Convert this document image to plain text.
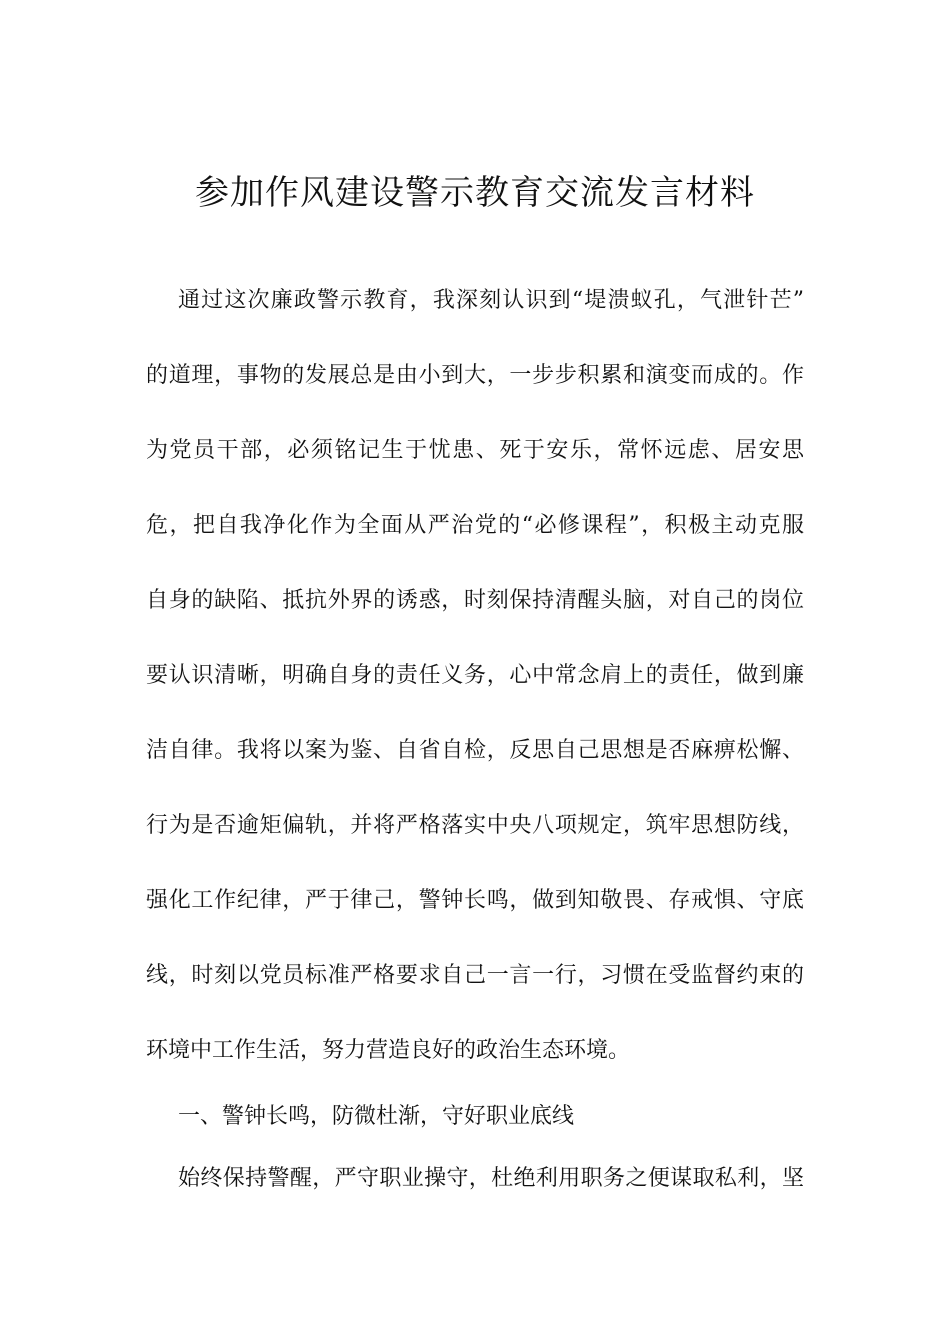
参加作风建设警示教育交流发言材料
通过这次廉政警示教育，我深刻认识到“堤溃蚁孔，气泄针芒”
的道理，事物的发展总是由小到大，一步步积累和演变而成的。作
为党员干部，必须铭记生于忧患、死于安乐，常怀远虑、居安思
危，把自我净化作为全面从严治党的“必修课程”，积极主动克服
自身的缺陷、抵抗外界的诱惑，时刻保持清醒头脑，对自己的岗位
要认识清晰，明确自身的责任义务，心中常念肩上的责任，做到廉
洁自律。我将以案为鉴、自省自检，反思自己思想是否麻痹松懈、
行为是否逾矩偏轨，并将严格落实中央八项规定，筑牢思想防线，
强化工作纪律，严于律己，警钟长鸣，做到知敬畏、存戒惧、守底
线，时刻以党员标准严格要求自己一言一行，习惯在受监督约束的
环境中工作生活，努力营造良好的政治生态环境。
一、警钟长鸣，防微杜渐，守好职业底线
始终保持警醒，严守职业操守，杜绝利用职务之便谋取私利，坚
